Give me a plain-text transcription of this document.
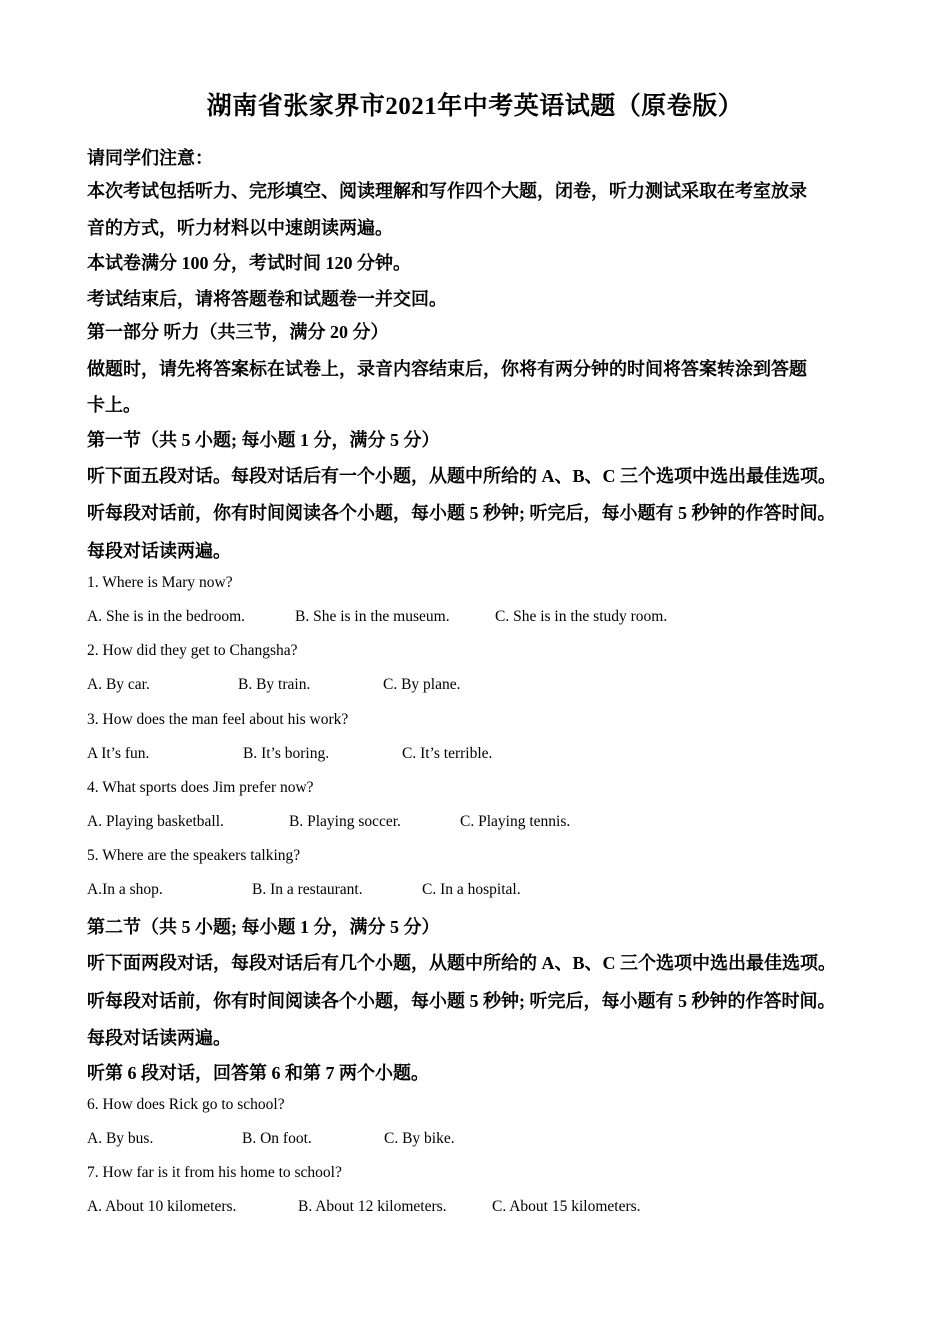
湖南省张家界市2021年中考英语试题（原卷版）
请同学们注意：
本次考试包括听力、完形填空、阅读理解和写作四个大题，闭卷，听力测试采取在考室放录
音的方式，听力材料以中速朗读两遍。
本试卷满分 100 分，考试时间 120 分钟。
考试结束后，请将答题卷和试题卷一并交回。
第一部分 听力（共三节，满分 20 分）
做题时，请先将答案标在试卷上，录音内容结束后，你将有两分钟的时间将答案转涂到答题
卡上。
第一节（共 5 小题; 每小题 1 分，满分 5 分）
听下面五段对话。每段对话后有一个小题，从题中所给的 A、B、C 三个选项中选出最佳选项。
听每段对话前，你有时间阅读各个小题，每小题 5 秒钟; 听完后，每小题有 5 秒钟的作答时间。
每段对话读两遍。
1. Where is Mary now?
A. She is in the bedroom.	B. She is in the museum.	C. She is in the study room.
2. How did they get to Changsha?
A. By car.	B. By train.	C. By plane.
3. How does the man feel about his work?
A It’s fun.	B. It’s boring.	C. It’s terrible.
4. What sports does Jim prefer now?
A. Playing basketball.	B. Playing soccer.	C. Playing tennis.
5. Where are the speakers talking?
A.In a shop.	B. In a restaurant.	C. In a hospital.
第二节（共 5 小题; 每小题 1 分，满分 5 分）
听下面两段对话，每段对话后有几个小题，从题中所给的 A、B、C 三个选项中选出最佳选项。
听每段对话前，你有时间阅读各个小题，每小题 5 秒钟; 听完后，每小题有 5 秒钟的作答时间。
每段对话读两遍。
听第 6 段对话，回答第 6 和第 7 两个小题。
6. How does Rick go to school?
A. By bus.	B. On foot.	C. By bike.
7. How far is it from his home to school?
A. About 10 kilometers.	B. About 12 kilometers.	C. About 15 kilometers.
